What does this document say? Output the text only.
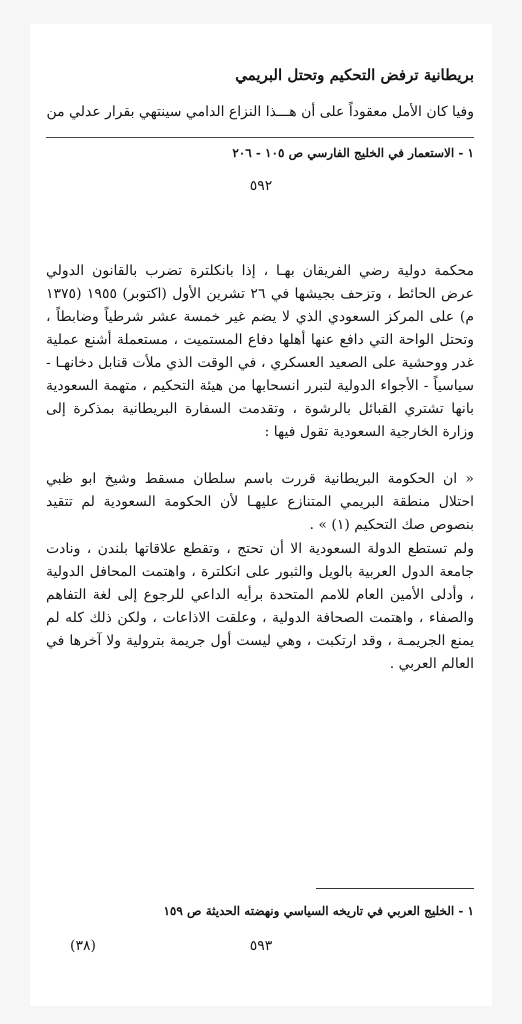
بريطانية ترفض التحكيم وتحتل البريمي

وفيا كان الأمل معقوداً على أن هـــذا النزاع الدامي سينتهي بقرار عدلي من

١ - الاستعمار في الخليج الفارسي ص ١٠٥ - ٢٠٦

٥٩٢

محكمة دولية رضي الفريقان بهـا ، إذا بانكلترة تضرب بالقانون الدولي عرض الحائط ، وتزحف بجيشها في ٢٦ تشرين الأول (اكتوبر) ١٩٥٥ (١٣٧٥ م) على المركز السعودي الذي لا يضم غير خمسة عشر شرطياً وضابطاً ، وتحتل الواحة التي دافع عنها أهلها دفاع المستميت ، مستعملة أشنع عملية غدر ووحشية على الصعيد العسكري ، في الوقت الذي ملأت قنابل دخانهـا - سياسياً - الأجواء الدولية لتبرر انسحابها من هيئة التحكيم ، متهمة السعودية بانها تشتري القبائل بالرشوة ، وتقدمت السفارة البريطانية بمذكرة إلى وزارة الخارجية السعودية تقول فيها :

« ان الحكومة البريطانية قررت باسم سلطان مسقط وشيخ ابو ظبي احتلال منطقة البريمي المتنازع عليهـا لأن الحكومة السعودية لم تتقيد بنصوص صك التحكيم (١) » .

ولم تستطع الدولة السعودية الا أن تحتج ، وتقطع علاقاتها بلندن ، ونادت جامعة الدول العربية بالويل والثبور على انكلترة ، واهتمت المحافل الدولية ، وأدلى الأمين العام للامم المتحدة برأيه الداعي للرجوع إلى لغة التفاهم والصفاء ، واهتمت الصحافة الدولية ، وعلقت الاذاعات ، ولكن ذلك كله لم يمنع الجريمـة ، وقد ارتكبت ، وهي ليست أول جريمة بترولية ولا آخرها في العالم العربي .

١ - الخليج العربي في تاريخه السياسي ونهضته الحديثة ص ١٥٩

٥٩٣

(٣٨)
